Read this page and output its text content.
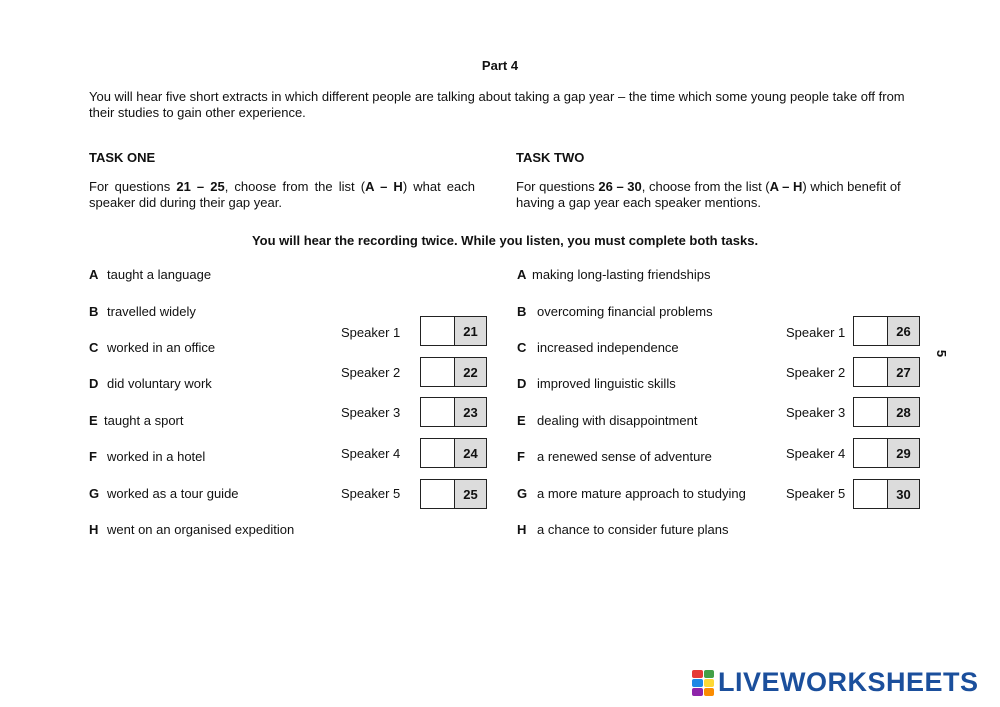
Part 4
You will hear five short extracts in which different people are talking about taking a gap year – the time which some young people take off from their studies to gain other experience.
TASK ONE
For questions 21 – 25, choose from the list (A – H) what each speaker did during their gap year.
TASK TWO
For questions 26 – 30, choose from the list (A – H) which benefit of having a gap year each speaker mentions.
You will hear the recording twice. While you listen, you must complete both tasks.
A taught a language
B travelled widely
C worked in an office
D did voluntary work
E taught a sport
F worked in a hotel
G worked as a tour guide
H went on an organised expedition
Speaker 1	21
Speaker 2	22
Speaker 3	23
Speaker 4	24
Speaker 5	25
A making long-lasting friendships
B overcoming financial problems
C increased independence
D improved linguistic skills
E dealing with disappointment
F a renewed sense of adventure
G a more mature approach to studying
H a chance to consider future plans
Speaker 1	26
Speaker 2	27
Speaker 3	28
Speaker 4	29
Speaker 5	30
5
LIVEWORKSHEETS
